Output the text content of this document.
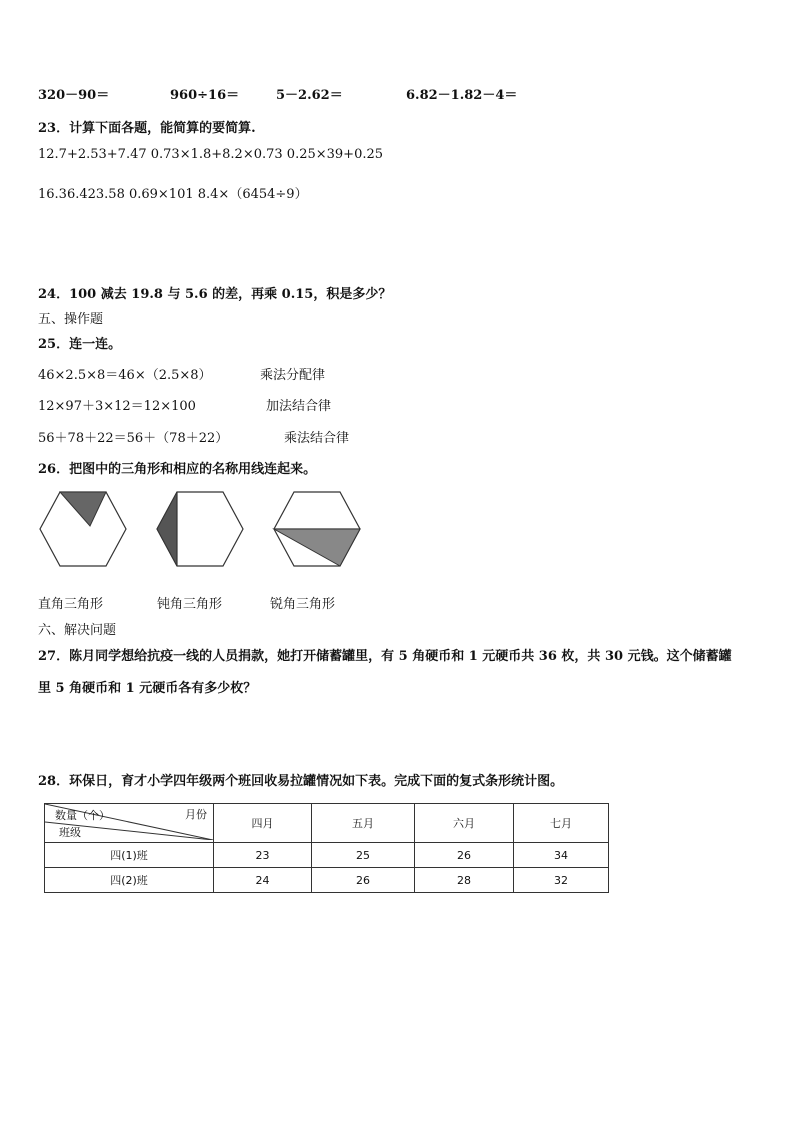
320－90＝	960÷16＝	5－2.62＝	6.82－1.82－4＝
23．计算下面各题，能简算的要简算.
12.7+2.53+7.47 0.73×1.8+8.2×0.73 0.25×39+0.25
16.36.423.58 0.69×101 8.4×（6454÷9）
24．100 减去 19.8 与 5.6 的差，再乘 0.15，积是多少？
五、操作题
25．连一连。
46×2.5×8＝46×（2.5×8）	乘法分配律
12×97＋3×12＝12×100	加法结合律
56＋78＋22＝56＋（78＋22）	乘法结合律
26．把图中的三角形和相应的名称用线连起来。
直角三角形	钝角三角形	锐角三角形
六、解决问题
27．陈月同学想给抗疫一线的人员捐款，她打开储蓄罐里，有 5 角硬币和 1 元硬币共 36 枚，共 30 元钱。这个储蓄罐
里 5 角硬币和 1 元硬币各有多少枚？
28．环保日，育才小学四年级两个班回收易拉罐情况如下表。完成下面的复式条形统计图。
数量（个） 月份
班级	四月	五月	六月	七月
四(1)班	23	25	26	34
四(2)班	24	26	28	32
